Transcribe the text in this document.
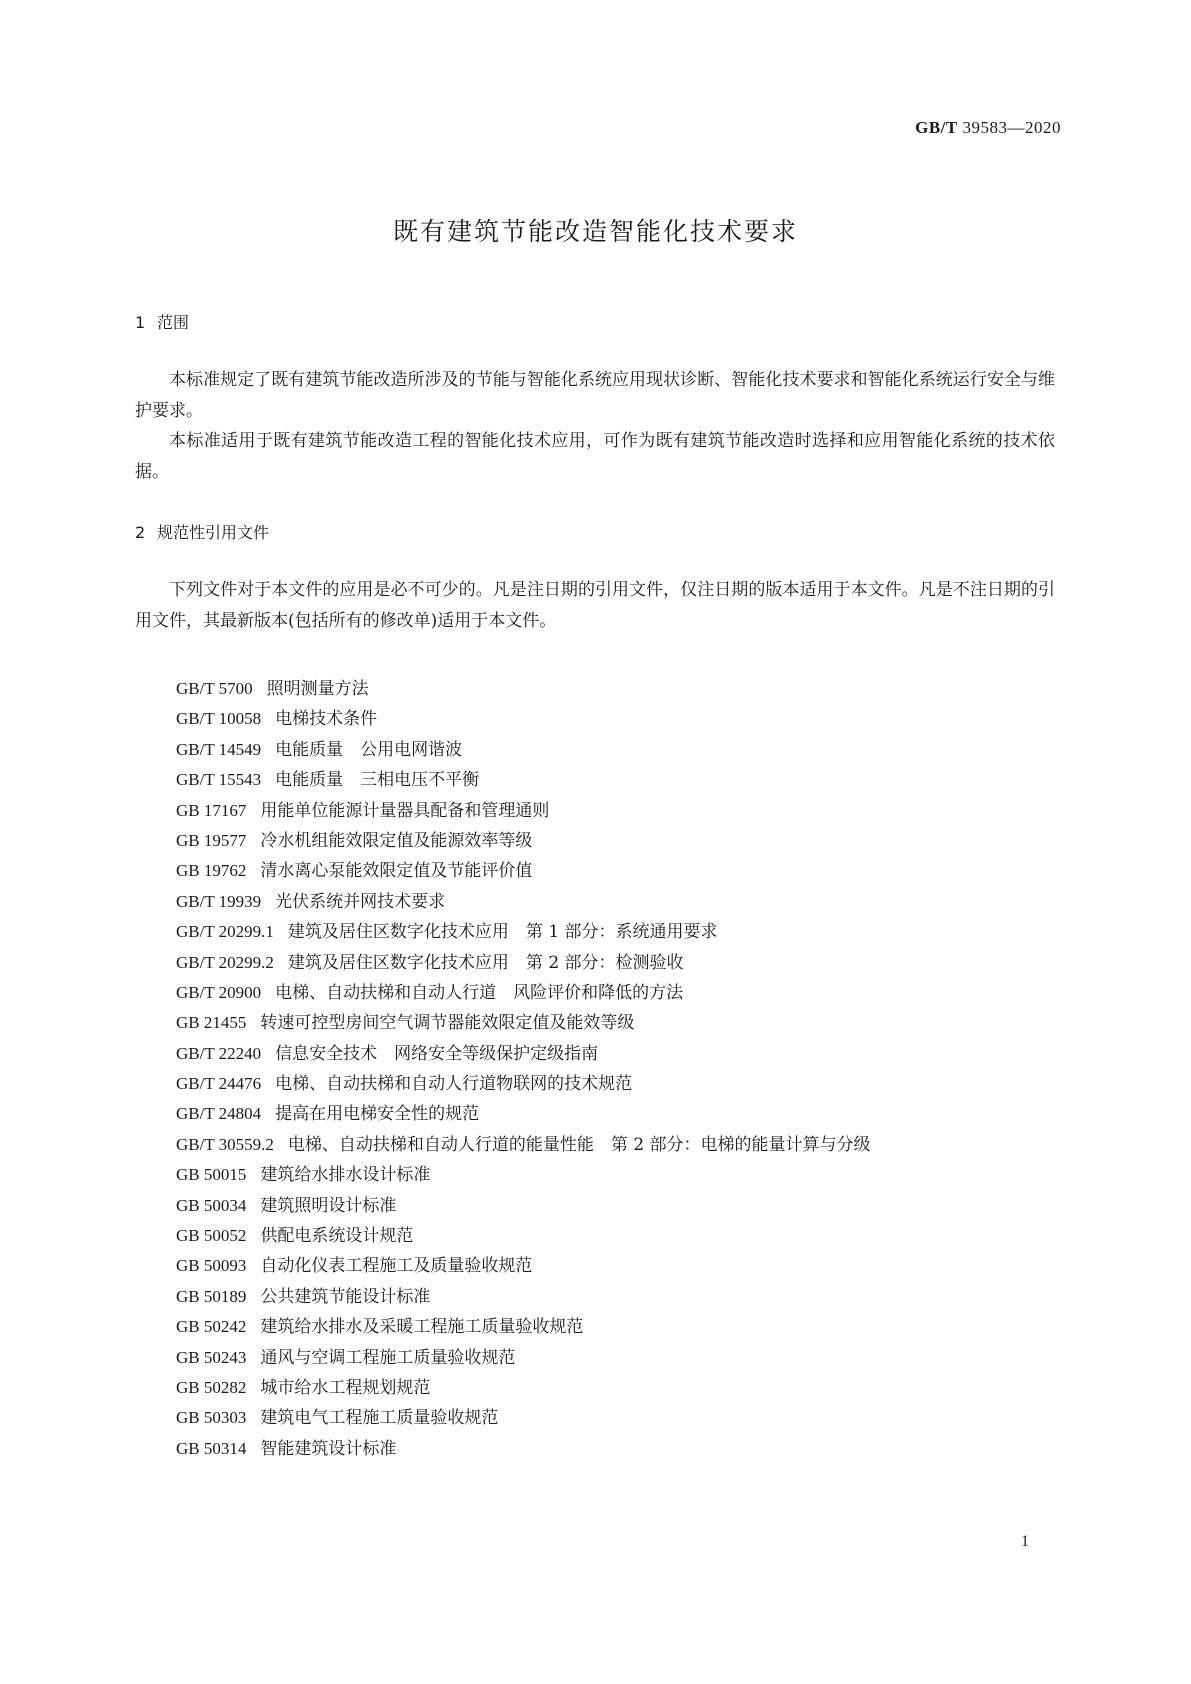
GB/T 39583—2020
既有建筑节能改造智能化技术要求
1 范围

本标准规定了既有建筑节能改造所涉及的节能与智能化系统应用现状诊断、智能化技术要求和智能化系统运行安全与维护要求。

本标准适用于既有建筑节能改造工程的智能化技术应用，可作为既有建筑节能改造时选择和应用智能化系统的技术依据。

2 规范性引用文件

下列文件对于本文件的应用是必不可少的。凡是注日期的引用文件，仅注日期的版本适用于本文件。凡是不注日期的引用文件，其最新版本(包括所有的修改单)适用于本文件。

GB/T 5700 照明测量方法
GB/T 10058 电梯技术条件
GB/T 14549 电能质量　公用电网谐波
GB/T 15543 电能质量　三相电压不平衡
GB 17167 用能单位能源计量器具配备和管理通则
GB 19577 冷水机组能效限定值及能源效率等级
GB 19762 清水离心泵能效限定值及节能评价值
GB/T 19939 光伏系统并网技术要求
GB/T 20299.1 建筑及居住区数字化技术应用　第 1 部分：系统通用要求
GB/T 20299.2 建筑及居住区数字化技术应用　第 2 部分：检测验收
GB/T 20900 电梯、自动扶梯和自动人行道　风险评价和降低的方法
GB 21455 转速可控型房间空气调节器能效限定值及能效等级
GB/T 22240 信息安全技术　网络安全等级保护定级指南
GB/T 24476 电梯、自动扶梯和自动人行道物联网的技术规范
GB/T 24804 提高在用电梯安全性的规范
GB/T 30559.2 电梯、自动扶梯和自动人行道的能量性能　第 2 部分：电梯的能量计算与分级
GB 50015 建筑给水排水设计标准
GB 50034 建筑照明设计标准
GB 50052 供配电系统设计规范
GB 50093 自动化仪表工程施工及质量验收规范
GB 50189 公共建筑节能设计标准
GB 50242 建筑给水排水及采暖工程施工质量验收规范
GB 50243 通风与空调工程施工质量验收规范
GB 50282 城市给水工程规划规范
GB 50303 建筑电气工程施工质量验收规范
GB 50314 智能建筑设计标准
1
